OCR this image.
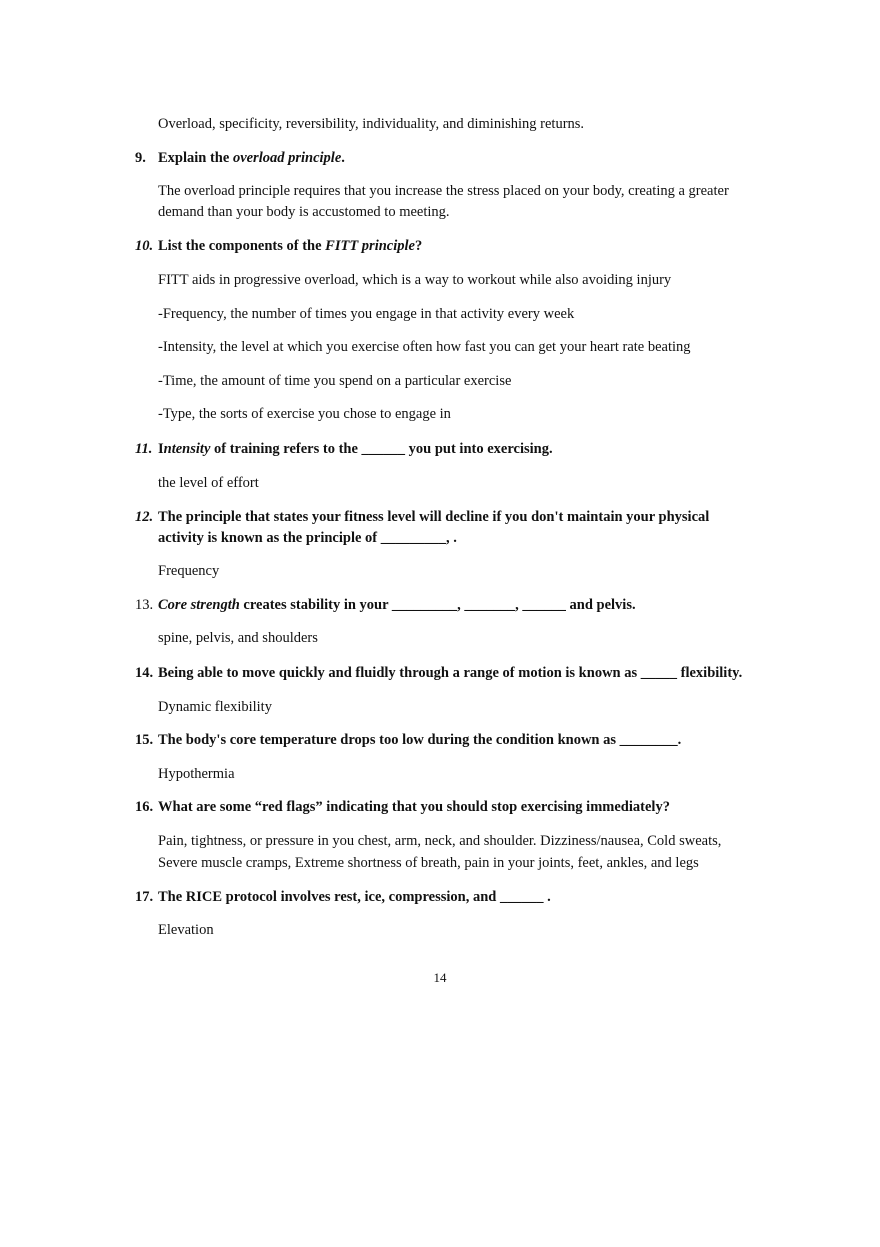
Overload, specificity, reversibility, individuality, and diminishing returns.
9. Explain the overload principle.
The overload principle requires that you increase the stress placed on your body, creating a greater
demand than your body is accustomed to meeting.
10. List the components of the FITT principle?
FITT aids in progressive overload, which is a way to workout while also avoiding injury
-Frequency, the number of times you engage in that activity every week
-Intensity, the level at which you exercise often how fast you can get your heart rate beating
-Time, the amount of time you spend on a particular exercise
-Type, the sorts of exercise you chose to engage in
11. Intensity of training refers to the ______ you put into exercising.
the level of effort
12. The principle that states your fitness level will decline if you don't maintain your physical
activity is known as the principle of _________, .
Frequency
13. Core strength creates stability in your _________, _______, ______ and pelvis.
spine, pelvis, and shoulders
14. Being able to move quickly and fluidly through a range of motion is known as _____ flexibility.
Dynamic flexibility
15. The body's core temperature drops too low during the condition known as ________.
Hypothermia
16. What are some “red flags” indicating that you should stop exercising immediately?
Pain, tightness, or pressure in you chest, arm, neck, and shoulder. Dizziness/nausea, Cold sweats,
Severe muscle cramps, Extreme shortness of breath, pain in your joints, feet, ankles, and legs
17. The RICE protocol involves rest, ice, compression, and ______ .
Elevation
14
